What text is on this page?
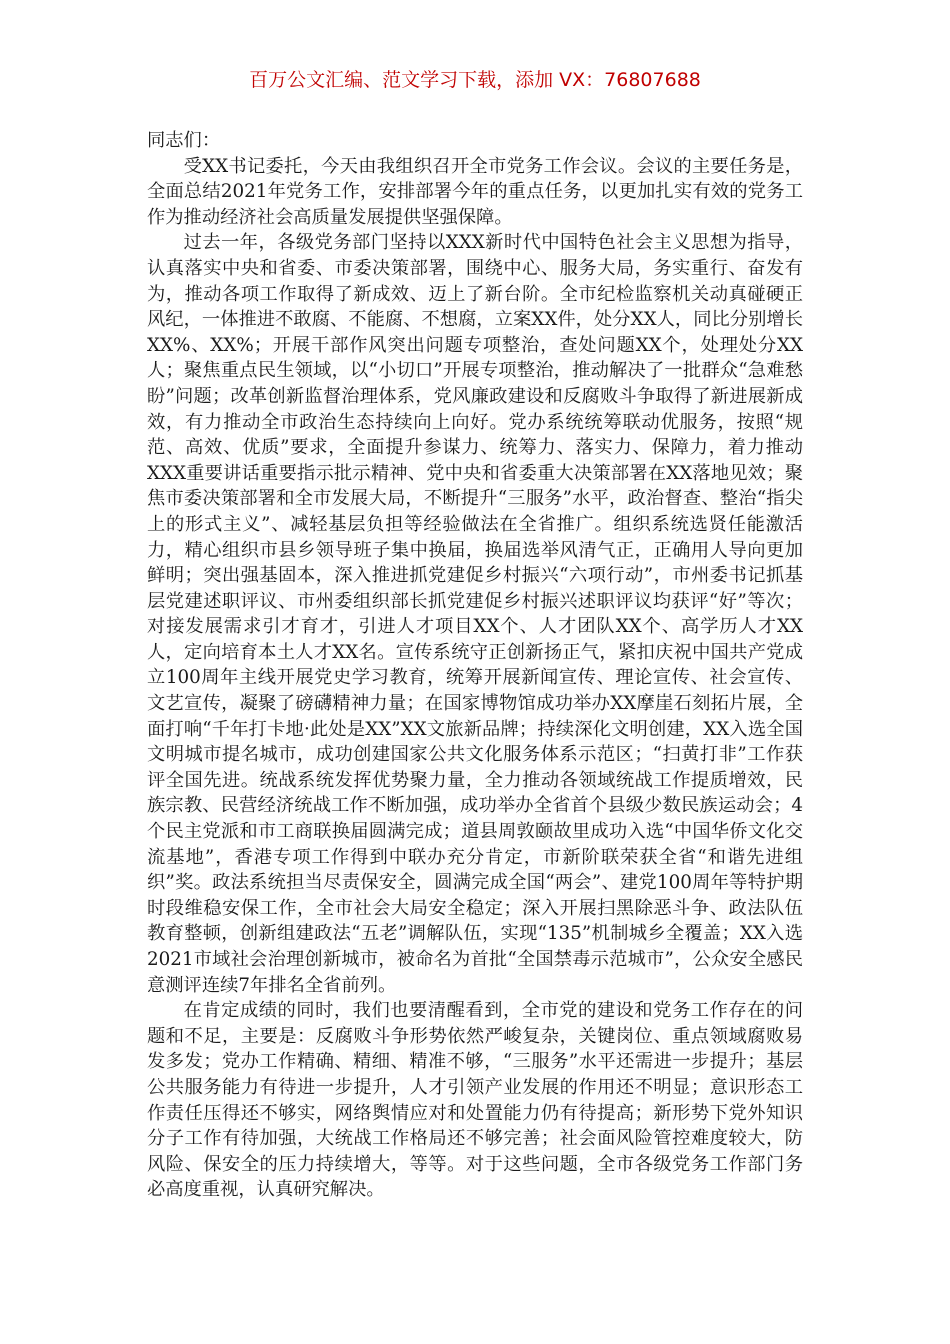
百万公文汇编、范文学习下载，添加 VX：76807688

同志们：

受XX书记委托，今天由我组织召开全市党务工作会议。会议的主要任务是，全面总结2021年党务工作，安排部署今年的重点任务，以更加扎实有效的党务工作为推动经济社会高质量发展提供坚强保障。

过去一年，各级党务部门坚持以XXX新时代中国特色社会主义思想为指导，认真落实中央和省委、市委决策部署，围绕中心、服务大局，务实重行、奋发有为，推动各项工作取得了新成效、迈上了新台阶。全市纪检监察机关动真碰硬正风纪，一体推进不敢腐、不能腐、不想腐，立案XX件，处分XX人，同比分别增长XX%、XX%；开展干部作风突出问题专项整治，查处问题XX个，处理处分XX人；聚焦重点民生领域，以“小切口”开展专项整治，推动解决了一批群众“急难愁盼”问题；改革创新监督治理体系，党风廉政建设和反腐败斗争取得了新进展新成效，有力推动全市政治生态持续向上向好。党办系统统筹联动优服务，按照“规范、高效、优质”要求，全面提升参谋力、统筹力、落实力、保障力，着力推动XXX重要讲话重要指示批示精神、党中央和省委重大决策部署在XX落地见效；聚焦市委决策部署和全市发展大局，不断提升“三服务”水平，政治督查、整治“指尖上的形式主义”、减轻基层负担等经验做法在全省推广。组织系统选贤任能激活力，精心组织市县乡领导班子集中换届，换届选举风清气正，正确用人导向更加鲜明；突出强基固本，深入推进抓党建促乡村振兴“六项行动”，市州委书记抓基层党建述职评议、市州委组织部长抓党建促乡村振兴述职评议均获评“好”等次；对接发展需求引才育才，引进人才项目XX个、人才团队XX个、高学历人才XX人，定向培育本土人才XX名。宣传系统守正创新扬正气，紧扣庆祝中国共产党成立100周年主线开展党史学习教育，统筹开展新闻宣传、理论宣传、社会宣传、文艺宣传，凝聚了磅礴精神力量；在国家博物馆成功举办XX摩崖石刻拓片展，全面打响“千年打卡地·此处是XX”XX文旅新品牌；持续深化文明创建，XX入选全国文明城市提名城市，成功创建国家公共文化服务体系示范区；“扫黄打非”工作获评全国先进。统战系统发挥优势聚力量，全力推动各领域统战工作提质增效，民族宗教、民营经济统战工作不断加强，成功举办全省首个县级少数民族运动会；4个民主党派和市工商联换届圆满完成；道县周敦颐故里成功入选“中国华侨文化交流基地”，香港专项工作得到中联办充分肯定，市新阶联荣获全省“和谐先进组织”奖。政法系统担当尽责保安全，圆满完成全国“两会”、建党100周年等特护期时段维稳安保工作，全市社会大局安全稳定；深入开展扫黑除恶斗争、政法队伍教育整顿，创新组建政法“五老”调解队伍，实现“135”机制城乡全覆盖；XX入选2021市域社会治理创新城市，被命名为首批“全国禁毒示范城市”，公众安全感民意测评连续7年排名全省前列。

在肯定成绩的同时，我们也要清醒看到，全市党的建设和党务工作存在的问题和不足，主要是：反腐败斗争形势依然严峻复杂，关键岗位、重点领域腐败易发多发；党办工作精确、精细、精准不够，“三服务”水平还需进一步提升；基层公共服务能力有待进一步提升，人才引领产业发展的作用还不明显；意识形态工作责任压得还不够实，网络舆情应对和处置能力仍有待提高；新形势下党外知识分子工作有待加强，大统战工作格局还不够完善；社会面风险管控难度较大，防风险、保安全的压力持续增大，等等。对于这些问题，全市各级党务工作部门务必高度重视，认真研究解决。
